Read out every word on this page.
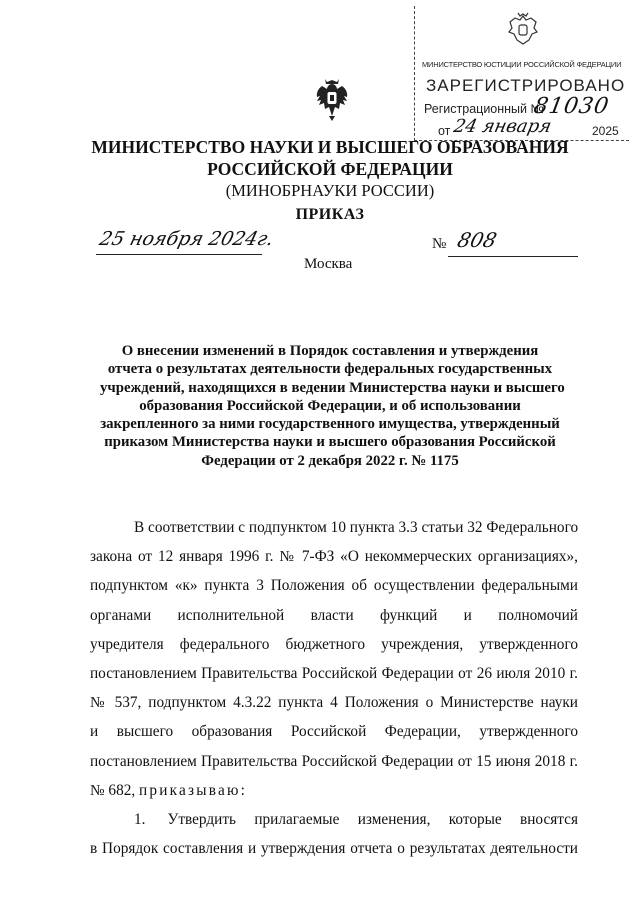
МИНИСТЕРСТВО ЮСТИЦИИ РОССИЙСКОЙ ФЕДЕРАЦИИ
ЗАРЕГИСТРИРОВАНО
Регистрационный №
81030
от 24 января	2025
МИНИСТЕРСТВО НАУКИ И ВЫСШЕГО ОБРАЗОВАНИЯ
РОССИЙСКОЙ ФЕДЕРАЦИИ
(МИНОБРНАУКИ РОССИИ)
ПРИКАЗ
25 ноября 2024г.	№ 808
Москва
О внесении изменений в Порядок составления и утверждения
отчета о результатах деятельности федеральных государственных
учреждений, находящихся в ведении Министерства науки и высшего
образования Российской Федерации, и об использовании
закрепленного за ними государственного имущества, утвержденный
приказом Министерства науки и высшего образования Российской
Федерации от 2 декабря 2022 г. № 1175
В соответствии с подпунктом 10 пункта 3.3 статьи 32 Федерального
закона от 12 января 1996 г. № 7-ФЗ «О некоммерческих организациях»,
подпунктом «к» пункта 3 Положения об осуществлении федеральными
органами исполнительной власти функций и полномочий
учредителя федерального бюджетного учреждения, утвержденного
постановлением Правительства Российской Федерации от 26 июля 2010 г.
№ 537, подпунктом 4.3.22 пункта 4 Положения о Министерстве науки
и высшего образования Российской Федерации, утвержденного
постановлением Правительства Российской Федерации от 15 июня 2018 г.
№ 682, приказываю:
1.	Утвердить прилагаемые изменения, которые вносятся
в Порядок составления и утверждения отчета о результатах деятельности
